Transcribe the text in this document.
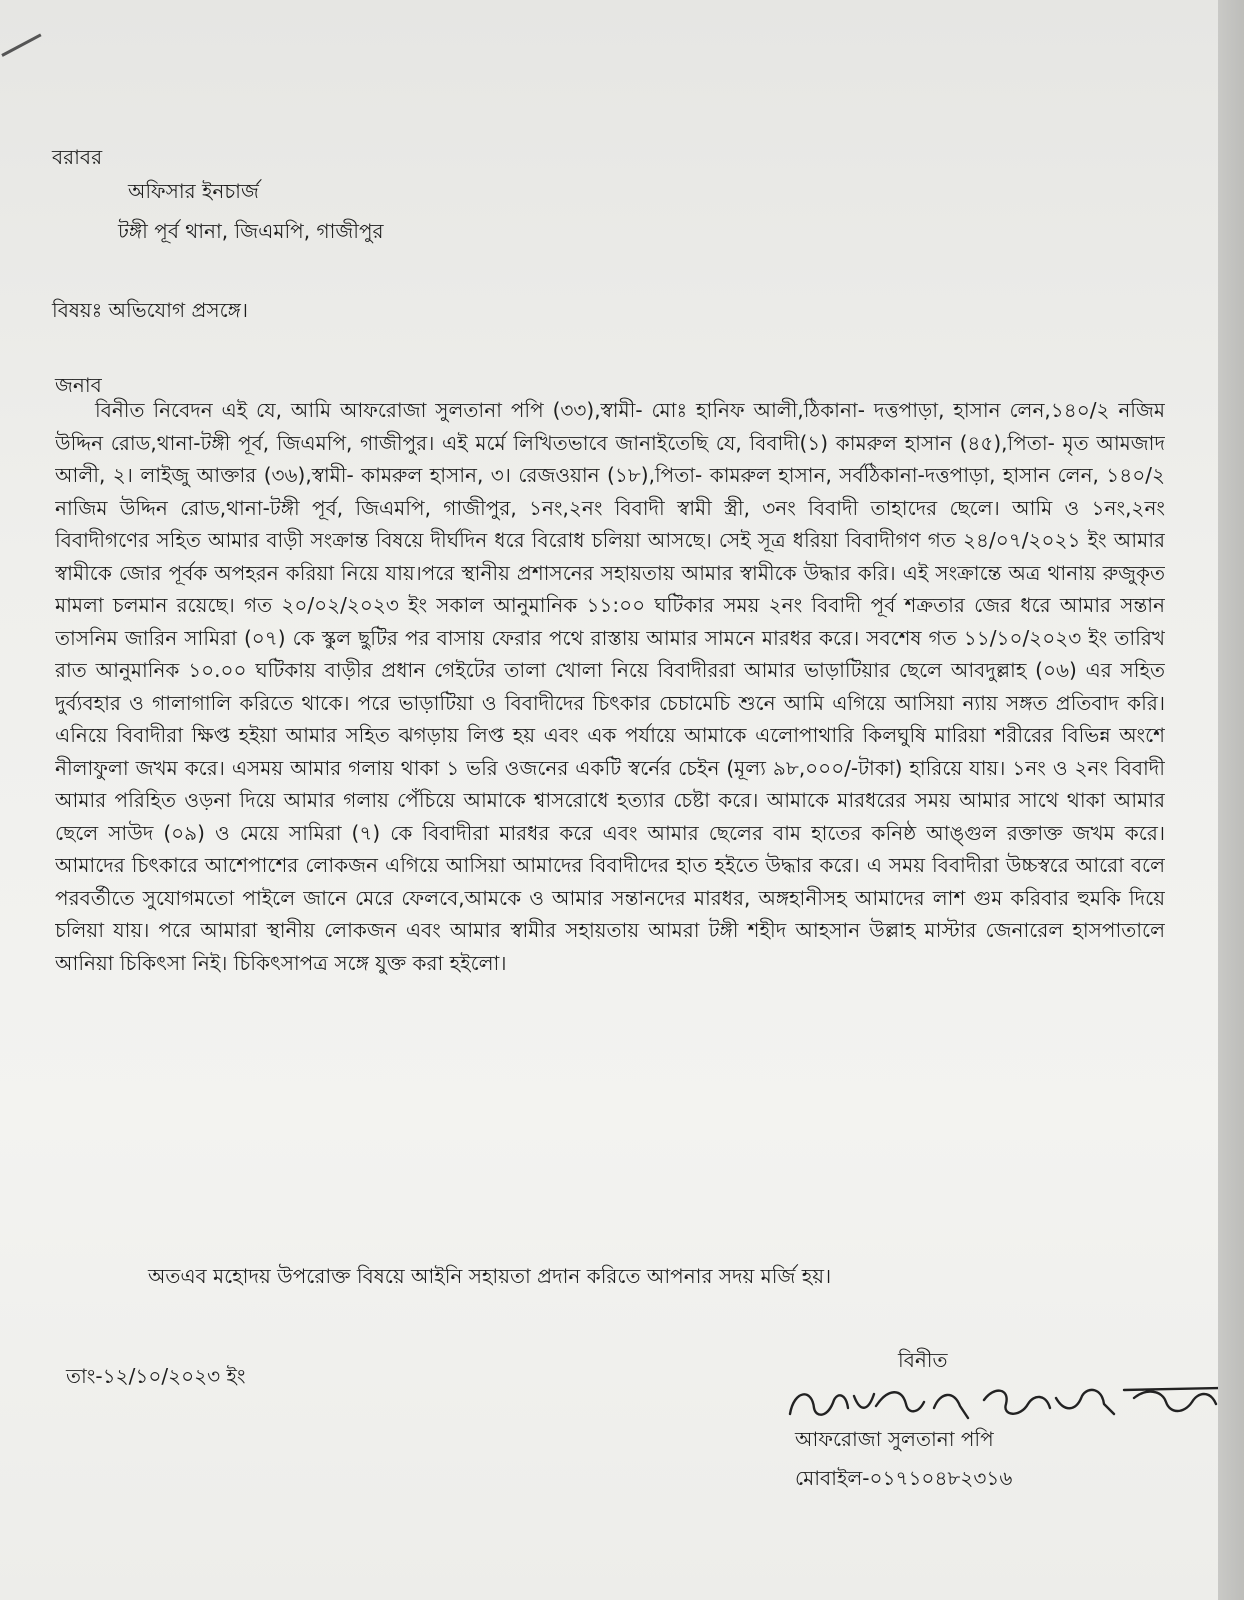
বরাবর

অফিসার ইনচার্জ

টঙ্গী পূর্ব থানা, জিএমপি, গাজীপুর

বিষয়ঃ অভিযোগ প্রসঙ্গে।

জনাব

বিনীত নিবেদন এই যে, আমি আফরোজা সুলতানা পপি (৩৩),স্বামী- মোঃ হানিফ আলী,ঠিকানা- দত্তপাড়া, হাসান লেন,১৪০/২ নজিম উদ্দিন রোড,থানা-টঙ্গী পূর্ব, জিএমপি, গাজীপুর। এই মর্মে লিখিতভাবে জানাইতেছি যে, বিবাদী(১) কামরুল হাসান (৪৫),পিতা- মৃত আমজাদ আলী, ২। লাইজু আক্তার (৩৬),স্বামী- কামরুল হাসান, ৩। রেজওয়ান (১৮),পিতা- কামরুল হাসান, সর্বঠিকানা-দত্তপাড়া, হাসান লেন, ১৪০/২ নাজিম উদ্দিন রোড,থানা-টঙ্গী পূর্ব, জিএমপি, গাজীপুর, ১নং,২নং বিবাদী স্বামী স্ত্রী, ৩নং বিবাদী তাহাদের ছেলে। আমি ও ১নং,২নং বিবাদীগণের সহিত আমার বাড়ী সংক্রান্ত বিষয়ে দীর্ঘদিন ধরে বিরোধ চলিয়া আসছে। সেই সূত্র ধরিয়া বিবাদীগণ গত ২৪/০৭/২০২১ ইং আমার স্বামীকে জোর পূর্বক অপহরন করিয়া নিয়ে যায়।পরে স্থানীয় প্রশাসনের সহায়তায় আমার স্বামীকে উদ্ধার করি। এই সংক্রান্তে অত্র থানায় রুজুকৃত মামলা চলমান রয়েছে। গত ২০/০২/২০২৩ ইং সকাল আনুমানিক ১১:০০ ঘটিকার সময় ২নং বিবাদী পূর্ব শক্রতার জের ধরে আমার সন্তান তাসনিম জারিন সামিরা (০৭) কে স্কুল ছুটির পর বাসায় ফেরার পথে রাস্তায় আমার সামনে মারধর করে। সবশেষ গত ১১/১০/২০২৩ ইং তারিখ রাত আনুমানিক ১০.০০ ঘটিকায় বাড়ীর প্রধান গেইটের তালা খোলা নিয়ে বিবাদীররা আমার ভাড়াটিয়ার ছেলে আবদুল্লাহ (০৬) এর সহিত দুর্ব্যবহার ও গালাগালি করিতে থাকে। পরে ভাড়াটিয়া ও বিবাদীদের চিৎকার চেচামেচি শুনে আমি এগিয়ে আসিয়া ন্যায় সঙ্গত প্রতিবাদ করি। এনিয়ে বিবাদীরা ক্ষিপ্ত হইয়া আমার সহিত ঝগড়ায় লিপ্ত হয় এবং এক পর্যায়ে আমাকে এলোপাথারি কিলঘুষি মারিয়া শরীরের বিভিন্ন অংশে নীলাফুলা জখম করে। এসময় আমার গলায় থাকা ১ ভরি ওজনের একটি স্বর্নের চেইন (মূল্য ৯৮,০০০/-টাকা) হারিয়ে যায়। ১নং ও ২নং বিবাদী আমার পরিহিত ওড়না দিয়ে আমার গলায় পেঁচিয়ে আমাকে শ্বাসরোধে হত্যার চেষ্টা করে। আমাকে মারধরের সময় আমার সাথে থাকা আমার ছেলে সাউদ (০৯) ও মেয়ে সামিরা (৭) কে বিবাদীরা মারধর করে এবং আমার ছেলের বাম হাতের কনিষ্ঠ আঙ্গুল রক্তাক্ত জখম করে। আমাদের চিৎকারে আশেপাশের লোকজন এগিয়ে আসিয়া আমাদের বিবাদীদের হাত হইতে উদ্ধার করে। এ সময় বিবাদীরা উচ্চস্বরে আরো বলে পরবর্তীতে সুযোগমতো পাইলে জানে মেরে ফেলবে,আমকে ও আমার সন্তানদের মারধর, অঙ্গহানীসহ আমাদের লাশ গুম করিবার হুমকি দিয়ে চলিয়া যায়। পরে আমারা স্থানীয় লোকজন এবং আমার স্বামীর সহায়তায় আমরা টঙ্গী শহীদ আহসান উল্লাহ মাস্টার জেনারেল হাসপাতালে আনিয়া চিকিৎসা নিই। চিকিৎসাপত্র সঙ্গে যুক্ত করা হইলো।

অতএব মহোদয় উপরোক্ত বিষয়ে আইনি সহায়তা প্রদান করিতে আপনার সদয় মর্জি হয়।

তাং-১২/১০/২০২৩ ইং

বিনীত

আফরোজা সুলতানা পপি

মোবাইল-০১৭১০৪৮২৩১৬
